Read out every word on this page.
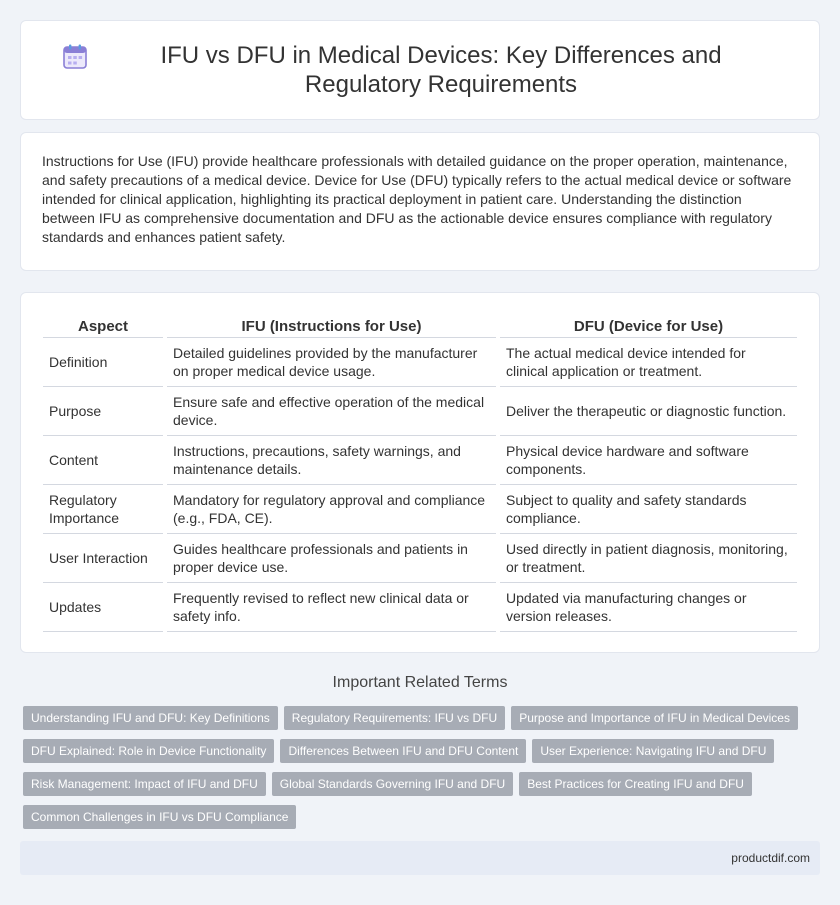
IFU vs DFU in Medical Devices: Key Differences and Regulatory Requirements

Instructions for Use (IFU) provide healthcare professionals with detailed guidance on the proper operation, maintenance, and safety precautions of a medical device. Device for Use (DFU) typically refers to the actual medical device or software intended for clinical application, highlighting its practical deployment in patient care. Understanding the distinction between IFU as comprehensive documentation and DFU as the actionable device ensures compliance with regulatory standards and enhances patient safety.

Aspect	IFU (Instructions for Use)	DFU (Device for Use)
Definition	Detailed guidelines provided by the manufacturer on proper medical device usage.	The actual medical device intended for clinical application or treatment.
Purpose	Ensure safe and effective operation of the medical device.	Deliver the therapeutic or diagnostic function.
Content	Instructions, precautions, safety warnings, and maintenance details.	Physical device hardware and software components.
Regulatory Importance	Mandatory for regulatory approval and compliance (e.g., FDA, CE).	Subject to quality and safety standards compliance.
User Interaction	Guides healthcare professionals and patients in proper device use.	Used directly in patient diagnosis, monitoring, or treatment.
Updates	Frequently revised to reflect new clinical data or safety info.	Updated via manufacturing changes or version releases.
Important Related Terms
Understanding IFU and DFU: Key Definitions	Regulatory Requirements: IFU vs DFU	Purpose and Importance of IFU in Medical Devices
DFU Explained: Role in Device Functionality	Differences Between IFU and DFU Content	User Experience: Navigating IFU and DFU
Risk Management: Impact of IFU and DFU	Global Standards Governing IFU and DFU	Best Practices for Creating IFU and DFU
Common Challenges in IFU vs DFU Compliance
productdif.com
